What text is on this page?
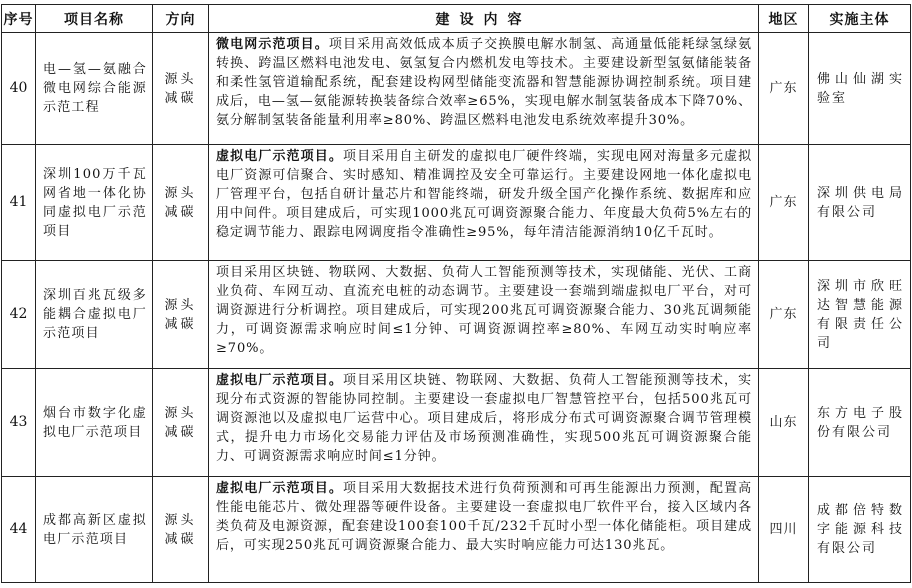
序号	项目名称	方向	建设内容	地区	实施主体
40	电—氢—氨融合微电网综合能源示范工程	源头减碳	微电网示范项目。项目采用高效低成本质子交换膜电解水制氢、高通量低能耗绿氢绿氨转换、跨温区燃料电池发电、氨氢复合内燃机发电等技术。主要建设新型氢氨储能装备和柔性氢管道输配系统，配套建设构网型储能变流器和智慧能源协调控制系统。项目建成后，电—氢—氨能源转换装备综合效率≥65%，实现电解水制氢装备成本下降70%、氨分解制氢装备能量利用率≥80%、跨温区燃料电池发电系统效率提升30%。	广东	佛山仙湖实验室
41	深圳100万千瓦网省地一体化协同虚拟电厂示范项目	源头减碳	虚拟电厂示范项目。项目采用自主研发的虚拟电厂硬件终端，实现电网对海量多元虚拟电厂资源可信聚合、实时感知、精准调控及安全可靠运行。主要建设网地一体化虚拟电厂管理平台，包括自研计量芯片和智能终端，研发升级全国产化操作系统、数据库和应用中间件。项目建成后，可实现1000兆瓦可调资源聚合能力、年度最大负荷5%左右的稳定调节能力、跟踪电网调度指令准确性≥95%，每年清洁能源消纳10亿千瓦时。	广东	深圳供电局有限公司
42	深圳百兆瓦级多能耦合虚拟电厂示范项目	源头减碳	项目采用区块链、物联网、大数据、负荷人工智能预测等技术，实现储能、光伏、工商业负荷、车网互动、直流充电桩的动态调节。主要建设一套端到端虚拟电厂平台，对可调资源进行分析调控。项目建成后，可实现200兆瓦可调资源聚合能力、30兆瓦调频能力，可调资源需求响应时间≤1分钟、可调资源调控率≥80%、车网互动实时响应率≥70%。	广东	深圳市欣旺达智慧能源有限责任公司
43	烟台市数字化虚拟电厂示范项目	源头减碳	虚拟电厂示范项目。项目采用区块链、物联网、大数据、负荷人工智能预测等技术，实现分布式资源的智能协同控制。主要建设一套虚拟电厂智慧管控平台，包括500兆瓦可调资源池以及虚拟电厂运营中心。项目建成后，将形成分布式可调资源聚合调节管理模式，提升电力市场化交易能力评估及市场预测准确性，实现500兆瓦可调资源聚合能力、可调资源需求响应时间≤1分钟。	山东	东方电子股份有限公司
44	成都高新区虚拟电厂示范项目	源头减碳	虚拟电厂示范项目。项目采用大数据技术进行负荷预测和可再生能源出力预测，配置高性能电能芯片、微处理器等硬件设备。主要建设一套虚拟电厂软件平台，接入区域内各类负荷及电源资源，配套建设100套100千瓦/232千瓦时小型一体化储能柜。项目建成后，可实现250兆瓦可调资源聚合能力、最大实时响应能力可达130兆瓦。	四川	成都倍特数字能源科技有限公司
